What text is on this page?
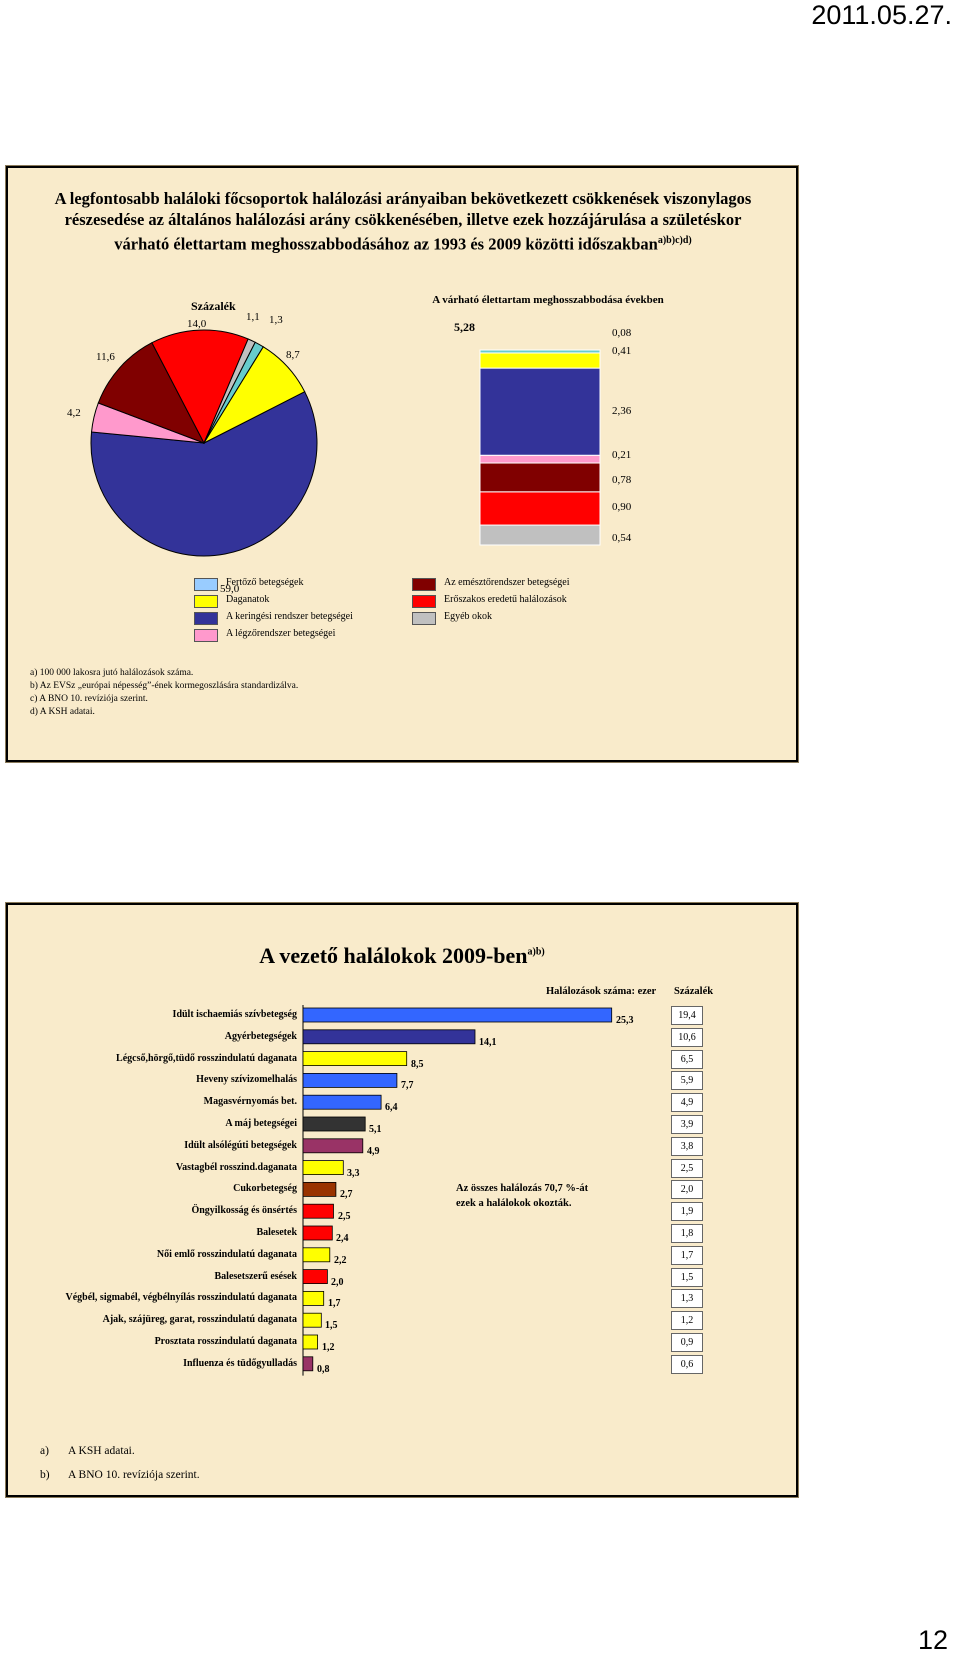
2011.05.27.
A legfontosabb haláloki főcsoportok halálozási arányaiban bekövetkezett csökkenések viszonylagos részesedése az általános halálozási arány csökkenésében, illetve ezek hozzájárulása a születéskor várható élettartam meghosszabbodásához az 1993 és 2009 közötti időszakban$^{a)b)c)d)}$
Százalék	A várható élettartam meghosszabbodása években
5,28
59,0
4,2
11,6
14,0
1,1 1,3
8,7
0,54
0,90
0,78
0,21
2,36
0,41
0,08
Fertőző betegségek
Daganatok
A keringési rendszer betegségei
A légzőrendszer betegségei
Az emésztőrendszer betegségei
Erőszakos eredetű halálozások
Egyéb okok
a) 100 000 lakosra jutó halálozások száma.
b) Az EVSz „európai népesség”-ének kormegoszlására standardizálva.
c) A BNO 10. revíziója szerint.
d) A KSH adatai.
A vezető halálokok 2009-ben$^{a)b)}$
Halálozások száma: ezer Százalék
Idült ischaemiás szívbetegség
25,3	19,4
Agyérbetegségek
14,1	10,6
Légcső,hörgő,tüdő rosszindulatú daganata
8,5	6,5
Heveny szívizomelhalás
7,7	5,9
Magasvérnyomás bet.
6,4	4,9
A máj betegségei
5,1	3,9
Idült alsólégúti betegségek
4,9	3,8
Vastagbél rosszind.daganata
3,3	2,5
Cukorbetegség
2,7	2,0
Öngyilkosság és önsértés
2,5	1,9
Balesetek
2,4	1,8
Női emlő rosszindulatú daganata
2,2	1,7
Balesetszerű esések
2,0	1,5
Végbél, sigmabél, végbélnyílás rosszindulatú daganata
1,7	1,3
Ajak, szájüreg, garat, rosszindulatú daganata
1,5	1,2
Prosztata rosszindulatú daganata
1,2	0,9
Influenza és tüdőgyulladás
0,8	0,6
Az összes halálozás 70,7 %-át
ezek a halálokok okozták.
a) A KSH adatai.
b) A BNO 10. revíziója szerint.
12
